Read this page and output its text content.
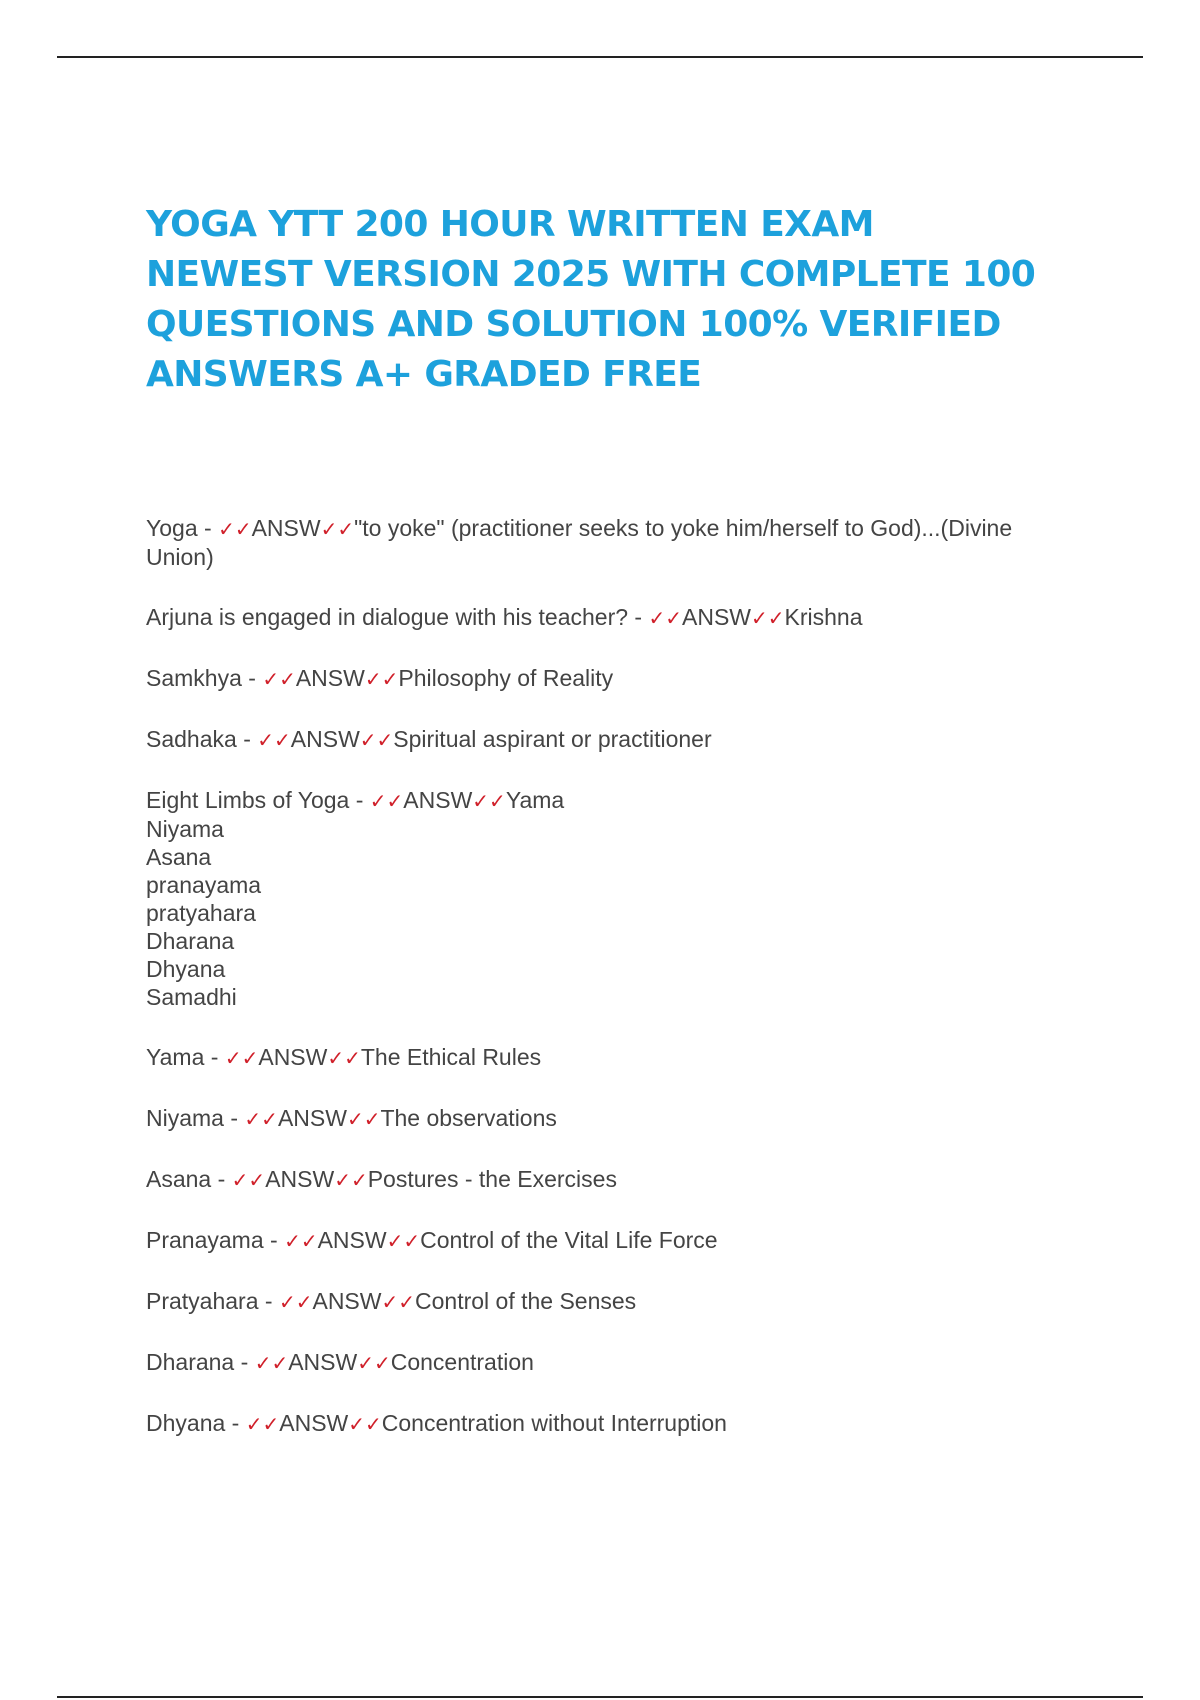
YOGA YTT 200 HOUR WRITTEN EXAM NEWEST VERSION 2025 WITH COMPLETE 100 QUESTIONS AND SOLUTION 100% VERIFIED ANSWERS A+ GRADED FREE
Yoga - ✓✓ANSW✓✓"to yoke" (practitioner seeks to yoke him/herself to God)...(Divine Union)
Arjuna is engaged in dialogue with his teacher? - ✓✓ANSW✓✓Krishna
Samkhya - ✓✓ANSW✓✓Philosophy of Reality
Sadhaka - ✓✓ANSW✓✓Spiritual aspirant or practitioner
Eight Limbs of Yoga - ✓✓ANSW✓✓Yama
Niyama
Asana
pranayama
pratyahara
Dharana
Dhyana
Samadhi
Yama - ✓✓ANSW✓✓The Ethical Rules
Niyama - ✓✓ANSW✓✓The observations
Asana - ✓✓ANSW✓✓Postures - the Exercises
Pranayama - ✓✓ANSW✓✓Control of the Vital Life Force
Pratyahara - ✓✓ANSW✓✓Control of the Senses
Dharana - ✓✓ANSW✓✓Concentration
Dhyana - ✓✓ANSW✓✓Concentration without Interruption
